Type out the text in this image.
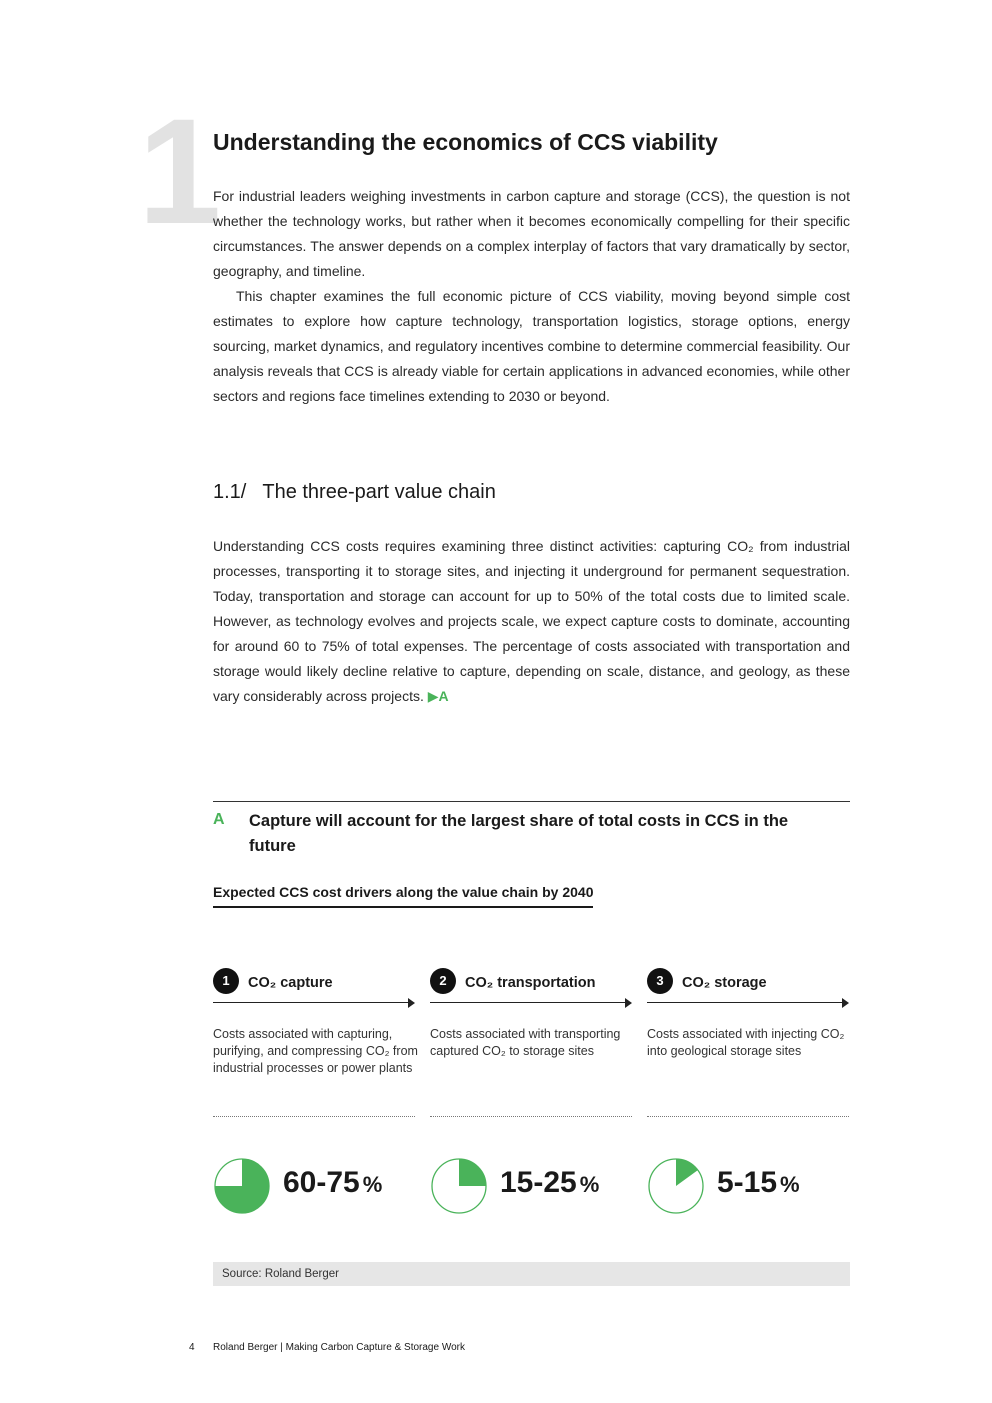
1
Understanding the economics of CCS viability

For industrial leaders weighing investments in carbon capture and storage (CCS), the question is not whether the technology works, but rather when it becomes economically compelling for their specific circumstances. The answer depends on a complex interplay of factors that vary dramatically by sector, geography, and timeline.

This chapter examines the full economic picture of CCS viability, moving beyond simple cost estimates to explore how capture technology, transportation logistics, storage options, energy sourcing, market dynamics, and regulatory incentives combine to determine commercial feasibility. Our analysis reveals that CCS is already viable for certain applications in advanced economies, while other sectors and regions face timelines extending to 2030 or beyond.

1.1/ The three-part value chain

Understanding CCS costs requires examining three distinct activities: capturing CO₂ from industrial processes, transporting it to storage sites, and injecting it underground for permanent sequestration. Today, transportation and storage can account for up to 50% of the total costs due to limited scale. However, as technology evolves and projects scale, we expect capture costs to dominate, accounting for around 60 to 75% of total expenses. The percentage of costs associated with transportation and storage would likely decline relative to capture, depending on scale, distance, and geology, as these vary considerably across projects. ▶A

A Capture will account for the largest share of total costs in CCS in the future
Expected CCS cost drivers along the value chain by 2040
1	CO₂ capture
Costs associated with capturing, purifying, and compressing CO₂ from industrial processes or power plants
60-75 %
2	CO₂ transportation
Costs associated with transporting captured CO₂ to storage sites
15-25 %
3	CO₂ storage
Costs associated with injecting CO₂ into geological storage sites
5-15 %
Source: Roland Berger
4 Roland Berger | Making Carbon Capture & Storage Work
